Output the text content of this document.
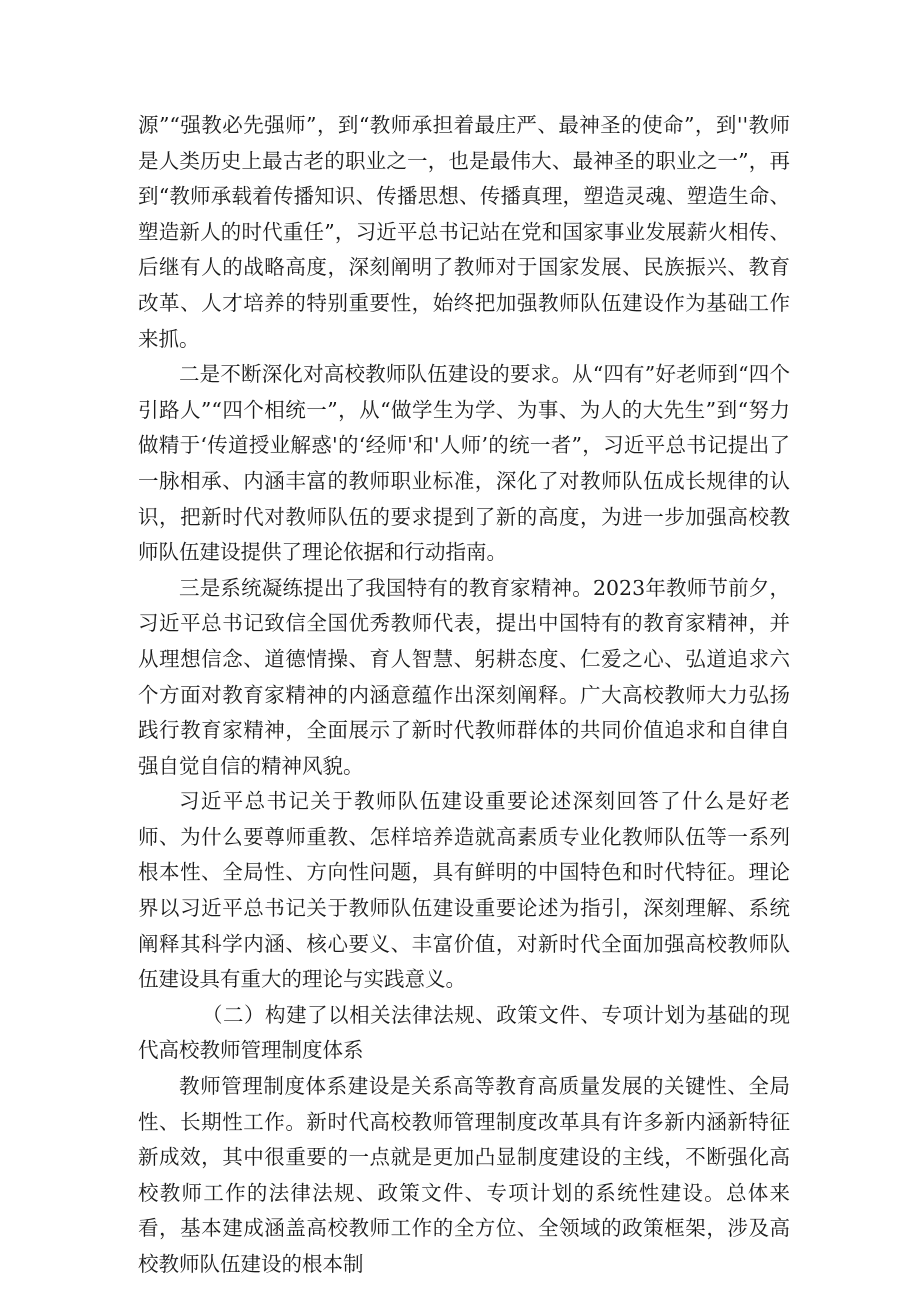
源”“强教必先强师”，到“教师承担着最庄严、最神圣的使命”，到''教师是人类历史上最古老的职业之一，也是最伟大、最神圣的职业之一”，再到“教师承载着传播知识、传播思想、传播真理，塑造灵魂、塑造生命、塑造新人的时代重任”，习近平总书记站在党和国家事业发展薪火相传、后继有人的战略高度，深刻阐明了教师对于国家发展、民族振兴、教育改革、人才培养的特别重要性，始终把加强教师队伍建设作为基础工作来抓。

二是不断深化对高校教师队伍建设的要求。从“四有”好老师到“四个引路人”“四个相统一”，从“做学生为学、为事、为人的大先生”到“努力做精于‘传道授业解惑'的‘经师'和'人师’的统一者”，习近平总书记提出了一脉相承、内涵丰富的教师职业标准，深化了对教师队伍成长规律的认识，把新时代对教师队伍的要求提到了新的高度，为进一步加强高校教师队伍建设提供了理论依据和行动指南。

三是系统凝练提出了我国特有的教育家精神。2023年教师节前夕，习近平总书记致信全国优秀教师代表，提出中国特有的教育家精神，并从理想信念、道德情操、育人智慧、躬耕态度、仁爱之心、弘道追求六个方面对教育家精神的内涵意蕴作出深刻阐释。广大高校教师大力弘扬践行教育家精神，全面展示了新时代教师群体的共同价值追求和自律自强自觉自信的精神风貌。

习近平总书记关于教师队伍建设重要论述深刻回答了什么是好老师、为什么要尊师重教、怎样培养造就高素质专业化教师队伍等一系列根本性、全局性、方向性问题，具有鲜明的中国特色和时代特征。理论界以习近平总书记关于教师队伍建设重要论述为指引，深刻理解、系统阐释其科学内涵、核心要义、丰富价值，对新时代全面加强高校教师队伍建设具有重大的理论与实践意义。

（二）构建了以相关法律法规、政策文件、专项计划为基础的现代高校教师管理制度体系

教师管理制度体系建设是关系高等教育高质量发展的关键性、全局性、长期性工作。新时代高校教师管理制度改革具有许多新内涵新特征新成效，其中很重要的一点就是更加凸显制度建设的主线，不断强化高校教师工作的法律法规、政策文件、专项计划的系统性建设。总体来看，基本建成涵盖高校教师工作的全方位、全领域的政策框架，涉及高校教师队伍建设的根本制
